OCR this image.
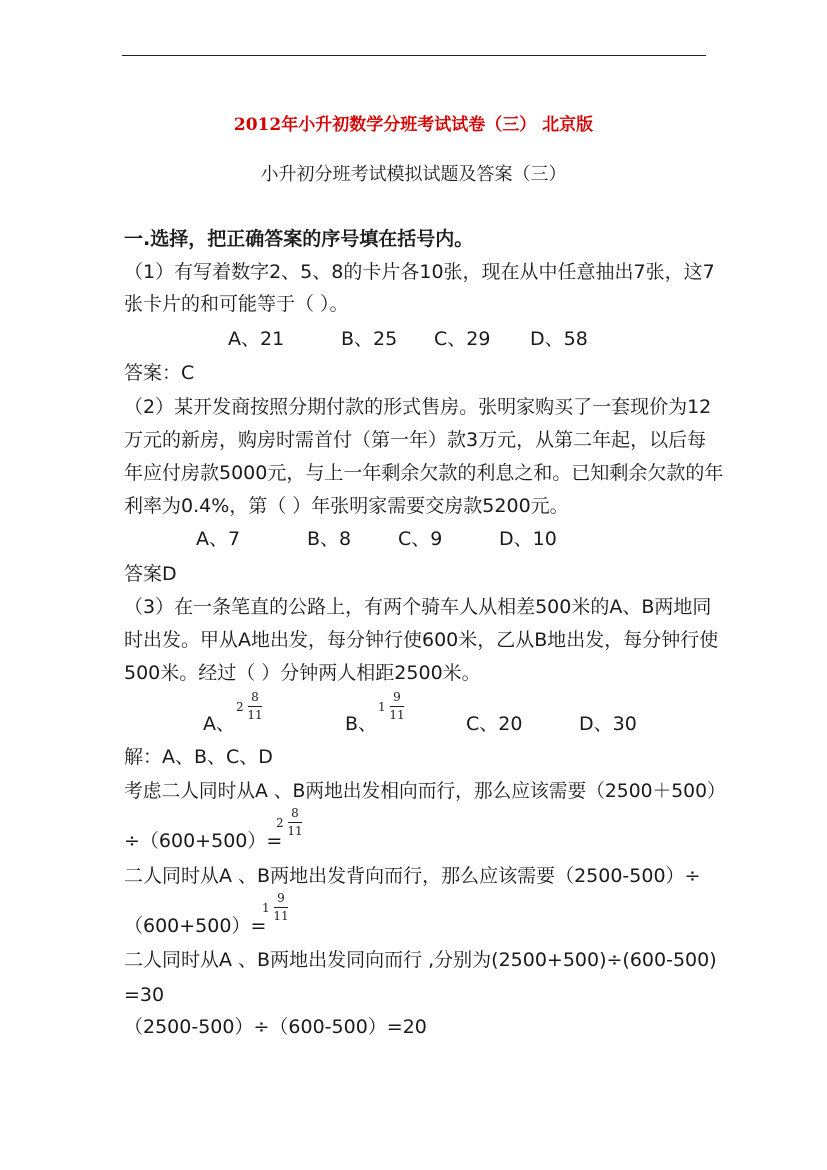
2012年小升初数学分班考试试卷（三） 北京版
小升初分班考试模拟试题及答案（三）
一.选择，把正确答案的序号填在括号内。
（1）有写着数字2、5、8的卡片各10张，现在从中任意抽出7张，这7
张卡片的和可能等于（ ）。
A、21	B、25 C、29 D、58
答案：C
（2）某开发商按照分期付款的形式售房。张明家购买了一套现价为12
万元的新房，购房时需首付（第一年）款3万元，从第二年起，以后每
年应付房款5000元，与上一年剩余欠款的利息之和。已知剩余欠款的年
利率为0.4%，第（ ）年张明家需要交房款5200元。
A、7	B、8 C、9	D、10
答案D
（3）在一条笔直的公路上，有两个骑车人从相差500米的A、B两地同
时出发。甲从A地出发，每分钟行使600米，乙从B地出发，每分钟行使
500米。经过（ ）分钟两人相距2500米。
A、
2
8
11	B、
1
9
11	C、20	D、30
解：A、B、C、D
考虑二人同时从A 、B两地出发相向而行，那么应该需要（2500＋500）
÷（600+500）=
2
8
11
二人同时从A 、B两地出发背向而行，那么应该需要（2500-500）÷
（600+500）=
1
9
11
二人同时从A 、B两地出发同向而行 ,分别为(2500+500)÷(600-500)
=30
（2500-500）÷（600-500）=20
